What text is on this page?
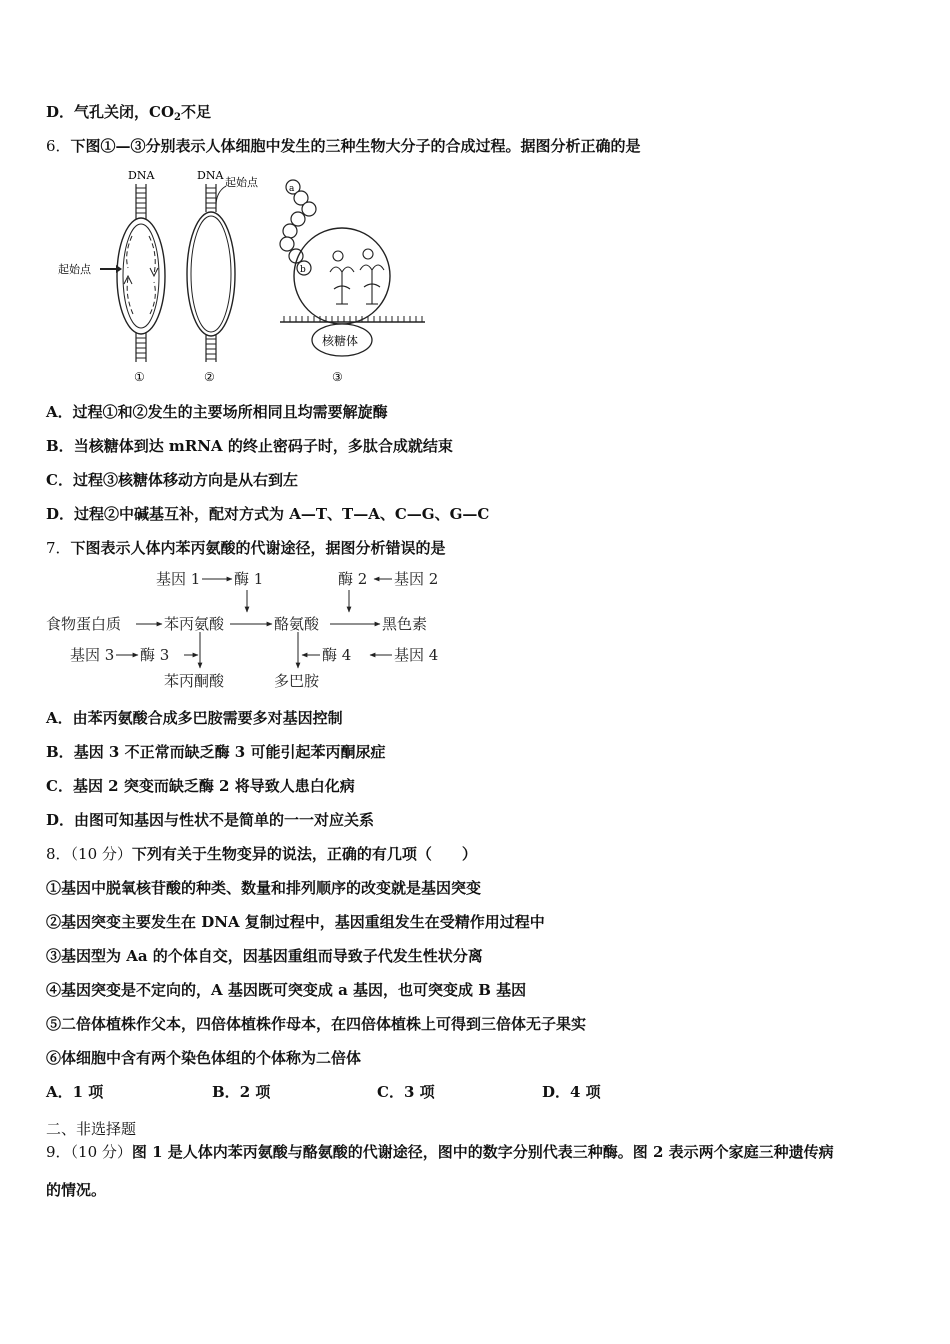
D．气孔关闭，$CO_2$不足
6．下图①—③分别表示人体细胞中发生的三种生物大分子的合成过程。据图分析正确的是
DNA
起始点
①
DNA
起始点
②
a
b
核糖体
③
A．过程①和②发生的主要场所相同且均需要解旋酶
B．当核糖体到达 mRNA 的终止密码子时，多肽合成就结束
C．过程③核糖体移动方向是从右到左
D．过程②中碱基互补，配对方式为 A—T、T—A、C—G、G—C
7．下图表示人体内苯丙氨酸的代谢途径，据图分析错误的是
基因 1 酶 1	酶 2 基因 2
食物蛋白质	苯丙氨酸	酪氨酸	黑色素
基因 3 酶 3	酶 4	基因 4
苯丙酮酸	多巴胺
A．由苯丙氨酸合成多巴胺需要多对基因控制
B．基因 3 不正常而缺乏酶 3 可能引起苯丙酮尿症
C．基因 2 突变而缺乏酶 2 将导致人患白化病
D．由图可知基因与性状不是简单的一一对应关系
8．（10 分）下列有关于生物变异的说法，正确的有几项（　　）
①基因中脱氧核苷酸的种类、数量和排列顺序的改变就是基因突变
②基因突变主要发生在 DNA 复制过程中，基因重组发生在受精作用过程中
③基因型为 Aa 的个体自交，因基因重组而导致子代发生性状分离
④基因突变是不定向的，A 基因既可突变成 a 基因，也可突变成 B 基因
⑤二倍体植株作父本，四倍体植株作母本，在四倍体植株上可得到三倍体无子果实
⑥体细胞中含有两个染色体组的个体称为二倍体
A．1 项	B．2 项	C．3 项	D．4 项
二、非选择题
9．（10 分）图 1 是人体内苯丙氨酸与酪氨酸的代谢途径，图中的数字分别代表三种酶。图 2 表示两个家庭三种遗传病
的情况。
